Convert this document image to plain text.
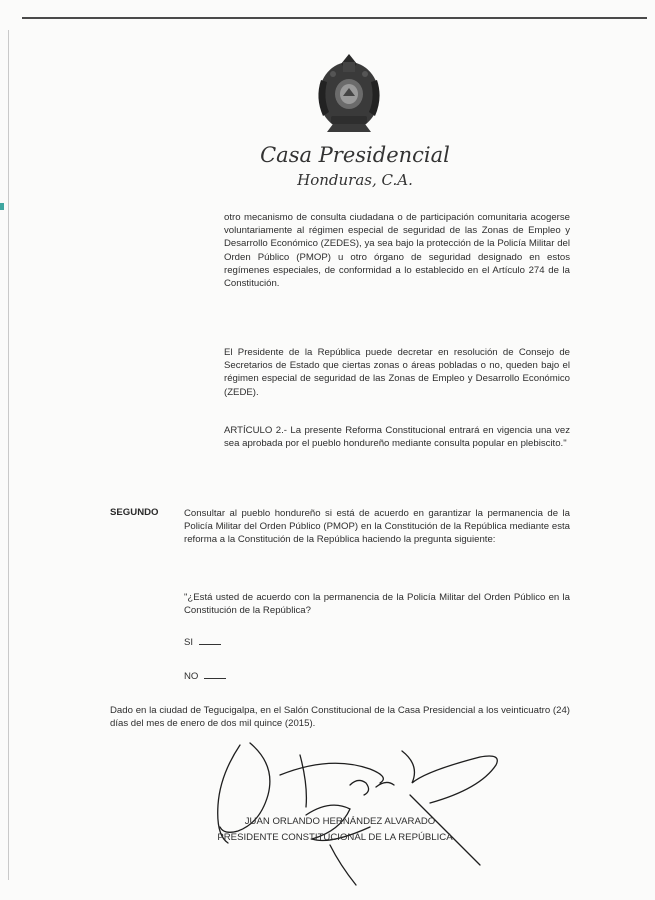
Casa Presidencial
Honduras, C.A.

otro mecanismo de consulta ciudadana o de participación comunitaria acogerse voluntariamente al régimen especial de seguridad de las Zonas de Empleo y Desarrollo Económico (ZEDES), ya sea bajo la protección de la Policía Militar del Orden Público (PMOP) u otro órgano de seguridad designado en estos regímenes especiales, de conformidad a lo establecido en el Artículo 274 de la Constitución.

El Presidente de la República puede decretar en resolución de Consejo de Secretarios de Estado que ciertas zonas o áreas pobladas o no, queden bajo el régimen especial de seguridad de las Zonas de Empleo y Desarrollo Económico (ZEDE).

ARTÍCULO 2.- La presente Reforma Constitucional entrará en vigencia una vez sea aprobada por el pueblo hondureño mediante consulta popular en plebiscito."

SEGUNDO	Consultar al pueblo hondureño si está de acuerdo en garantizar la permanencia de la Policía Militar del Orden Público (PMOP) en la Constitución de la República mediante esta reforma a la Constitución de la República haciendo la pregunta siguiente:

"¿Está usted de acuerdo con la permanencia de la Policía Militar del Orden Público en la Constitución de la República?

SI
NO

Dado en la ciudad de Tegucigalpa, en el Salón Constitucional de la Casa Presidencial a los veinticuatro (24) días del mes de enero de dos mil quince (2015).

JUAN ORLANDO HERNÁNDEZ ALVARADO
PRESIDENTE CONSTITUCIONAL DE LA REPÚBLICA
